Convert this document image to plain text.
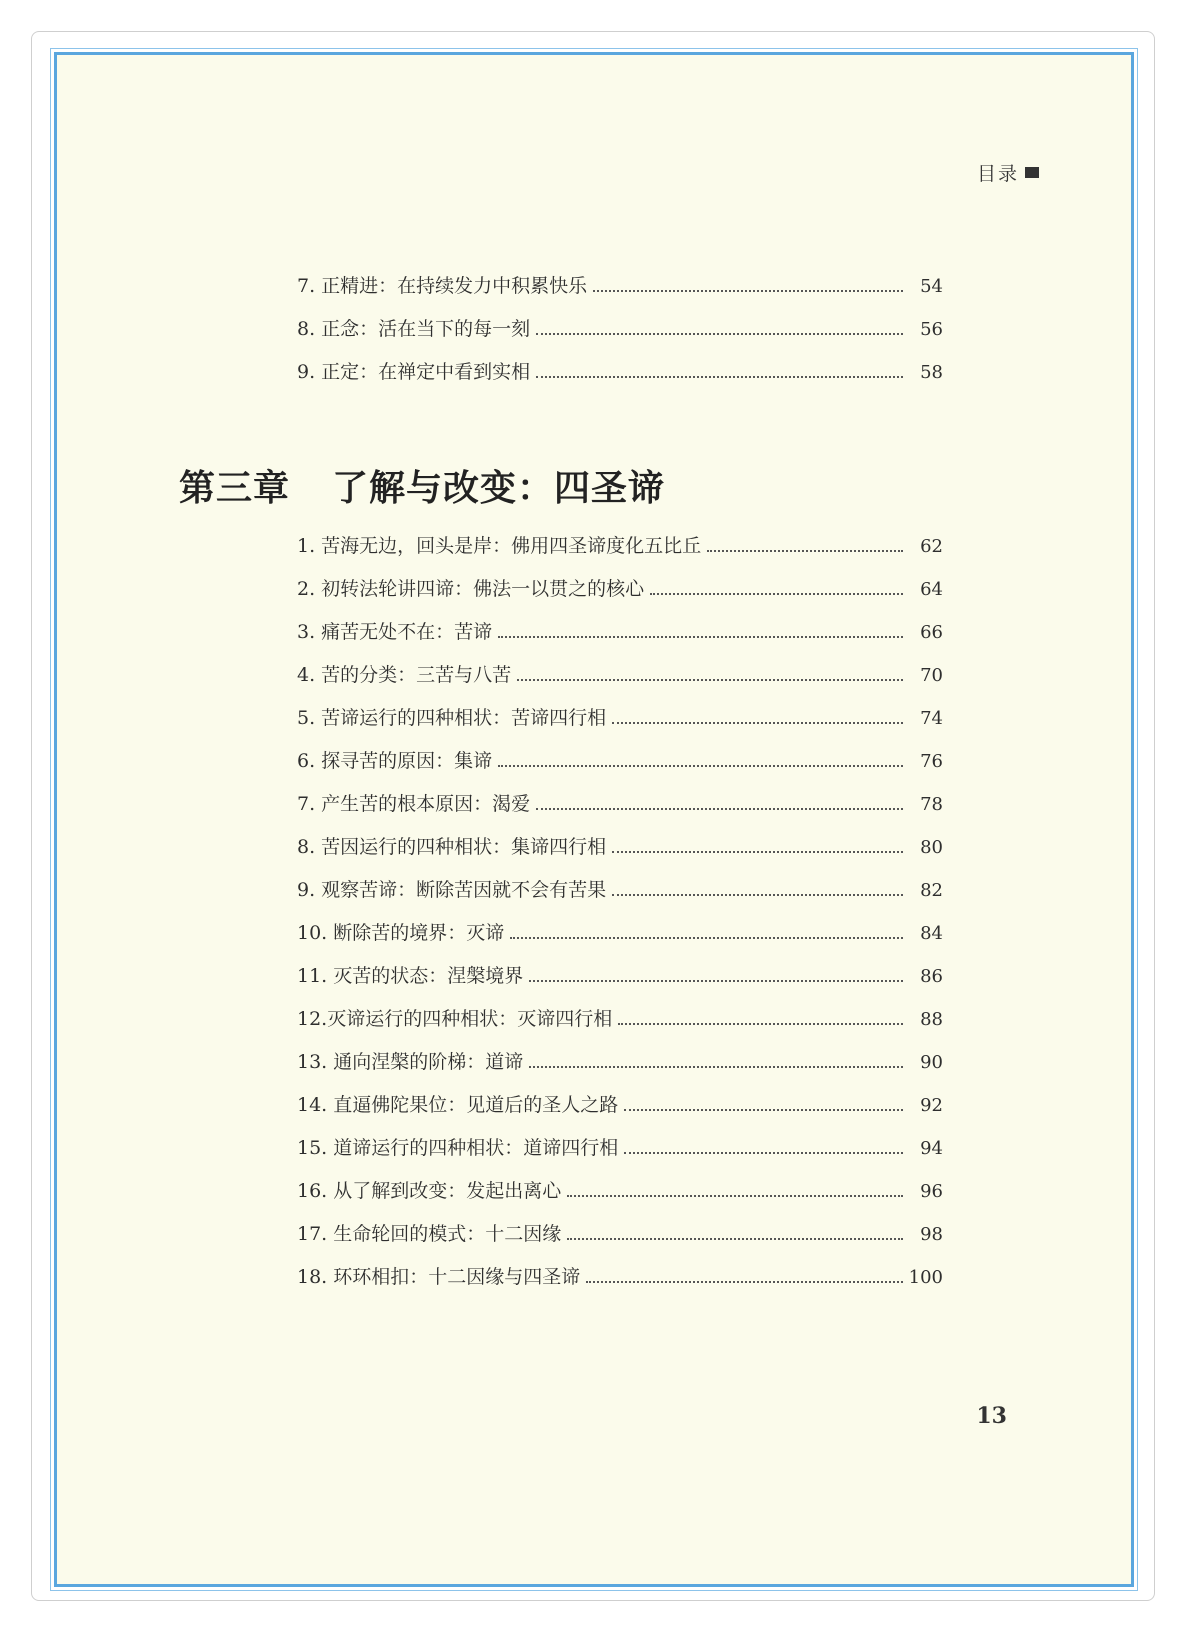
目录
7. 正精进：在持续发力中积累快乐	54
8. 正念：活在当下的每一刻	56
9. 正定：在禅定中看到实相	58
第三章 了解与改变：四圣谛
1. 苦海无边，回头是岸：佛用四圣谛度化五比丘	62
2. 初转法轮讲四谛：佛法一以贯之的核心	64
3. 痛苦无处不在：苦谛	66
4. 苦的分类：三苦与八苦	70
5. 苦谛运行的四种相状：苦谛四行相	74
6. 探寻苦的原因：集谛	76
7. 产生苦的根本原因：渴爱	78
8. 苦因运行的四种相状：集谛四行相	80
9. 观察苦谛：断除苦因就不会有苦果	82
10. 断除苦的境界：灭谛	84
11. 灭苦的状态：涅槃境界	86
12.灭谛运行的四种相状：灭谛四行相	88
13. 通向涅槃的阶梯：道谛	90
14. 直逼佛陀果位：见道后的圣人之路	92
15. 道谛运行的四种相状：道谛四行相	94
16. 从了解到改变：发起出离心	96
17. 生命轮回的模式：十二因缘	98
18. 环环相扣：十二因缘与四圣谛	100
13
